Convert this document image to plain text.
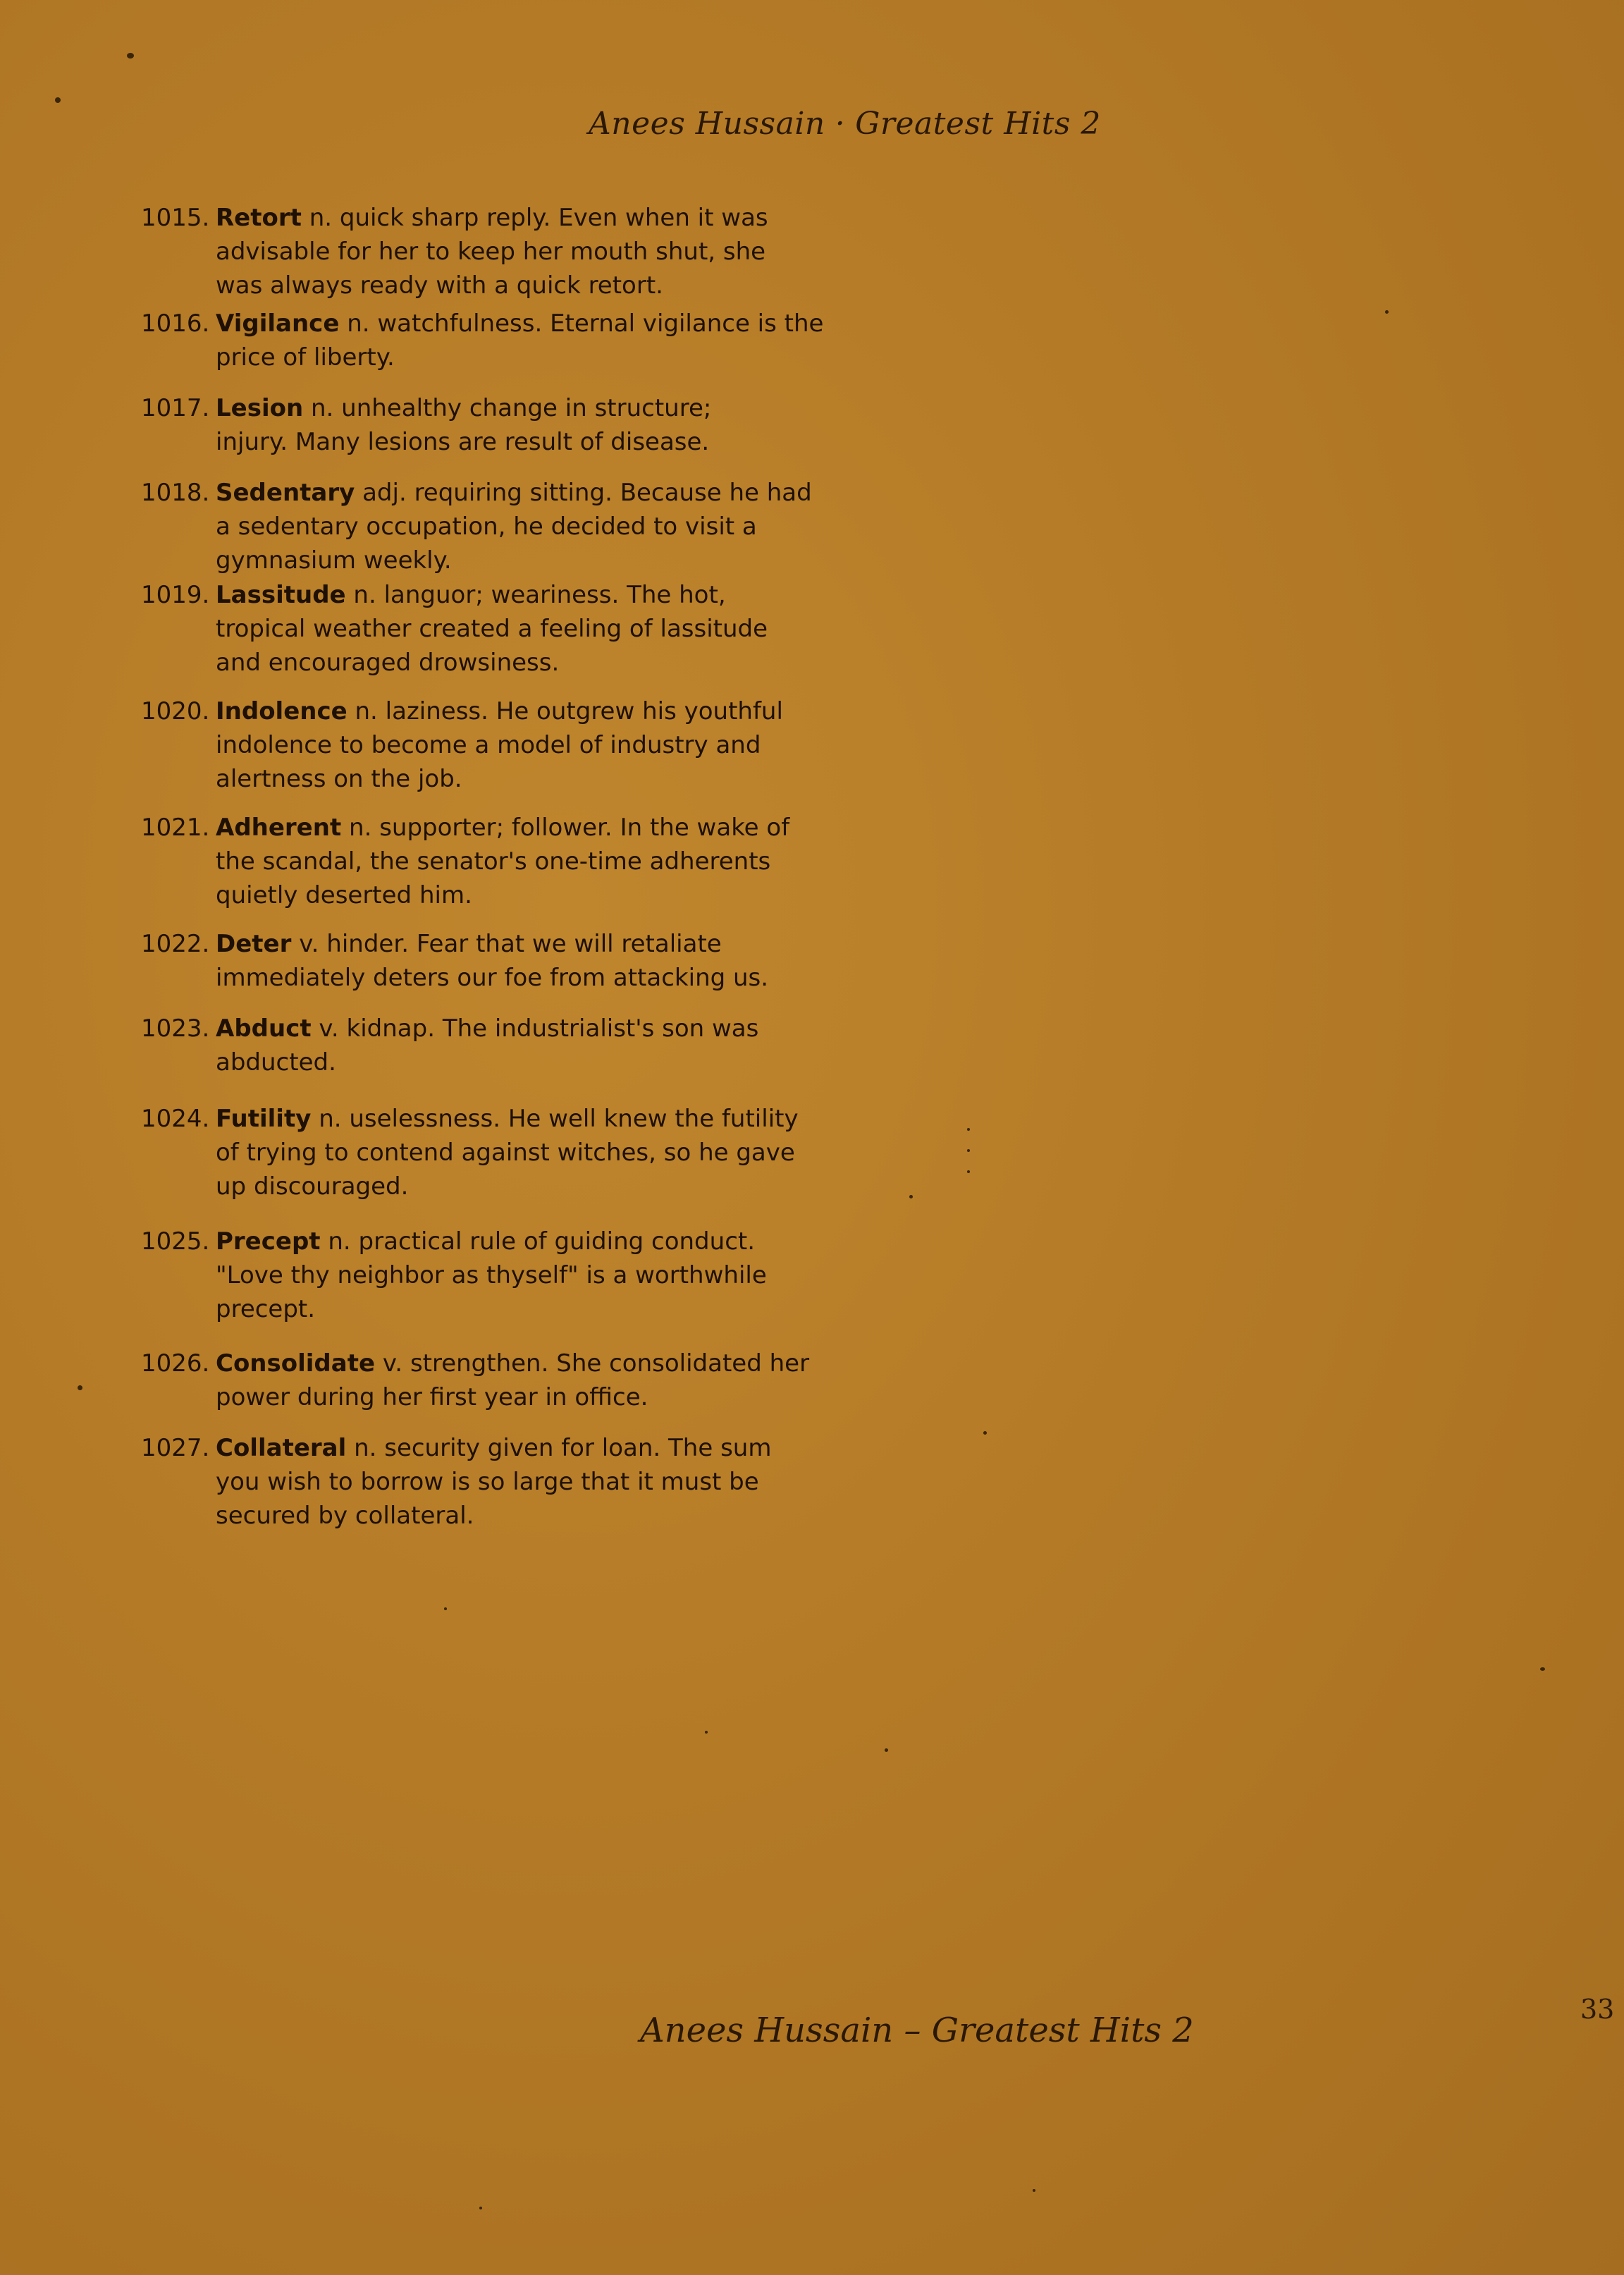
Anees Hussain · Greatest Hits 2
1015. Retort n. quick sharp reply. Even when it was advisable for her to keep her mouth shut, she was always ready with a quick retort.
1016. Vigilance n. watchfulness. Eternal vigilance is the price of liberty.
1017. Lesion n. unhealthy change in structure; injury. Many lesions are result of disease.
1018. Sedentary adj. requiring sitting. Because he had a sedentary occupation, he decided to visit a gymnasium weekly.
1019. Lassitude n. languor; weariness. The hot, tropical weather created a feeling of lassitude and encouraged drowsiness.
1020. Indolence n. laziness. He outgrew his youthful indolence to become a model of industry and alertness on the job.
1021. Adherent n. supporter; follower. In the wake of the scandal, the senator's one-time adherents quietly deserted him.
1022. Deter v. hinder. Fear that we will retaliate immediately deters our foe from attacking us.
1023. Abduct v. kidnap. The industrialist's son was abducted.
1024. Futility n. uselessness. He well knew the futility of trying to contend against witches, so he gave up discouraged.
1025. Precept n. practical rule of guiding conduct. "Love thy neighbor as thyself" is a worthwhile precept.
1026. Consolidate v. strengthen. She consolidated her power during her first year in office.
1027. Collateral n. security given for loan. The sum you wish to borrow is so large that it must be secured by collateral.
Anees Hussain – Greatest Hits 2
33
